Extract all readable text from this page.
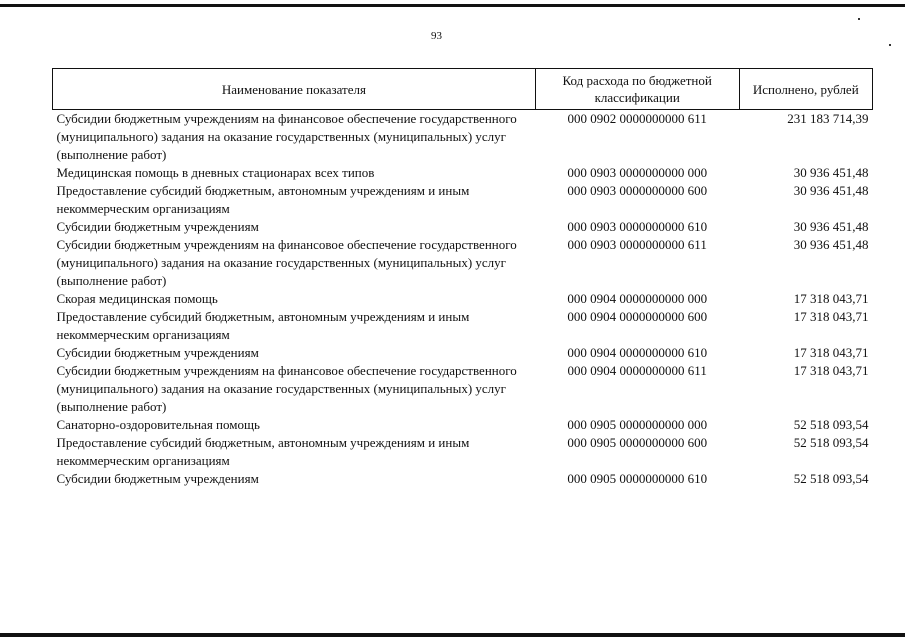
93
Наименование показателя	Код расхода по бюджетной классификации	Исполнено, рублей
Субсидии бюджетным учреждениям на финансовое обеспечение государственного (муниципального) задания на оказание государственных (муниципальных) услуг (выполнение работ)	000 0902 0000000000 611	231 183 714,39
Медицинская помощь в дневных стационарах всех типов	000 0903 0000000000 000	30 936 451,48
Предоставление субсидий бюджетным, автономным учреждениям и иным некоммерческим организациям	000 0903 0000000000 600	30 936 451,48
Субсидии бюджетным учреждениям	000 0903 0000000000 610	30 936 451,48
Субсидии бюджетным учреждениям на финансовое обеспечение государственного (муниципального) задания на оказание государственных (муниципальных) услуг (выполнение работ)	000 0903 0000000000 611	30 936 451,48
Скорая медицинская помощь	000 0904 0000000000 000	17 318 043,71
Предоставление субсидий бюджетным, автономным учреждениям и иным некоммерческим организациям	000 0904 0000000000 600	17 318 043,71
Субсидии бюджетным учреждениям	000 0904 0000000000 610	17 318 043,71
Субсидии бюджетным учреждениям на финансовое обеспечение государственного (муниципального) задания на оказание государственных (муниципальных) услуг (выполнение работ)	000 0904 0000000000 611	17 318 043,71
Санаторно-оздоровительная помощь	000 0905 0000000000 000	52 518 093,54
Предоставление субсидий бюджетным, автономным учреждениям и иным некоммерческим организациям	000 0905 0000000000 600	52 518 093,54
Субсидии бюджетным учреждениям	000 0905 0000000000 610	52 518 093,54
